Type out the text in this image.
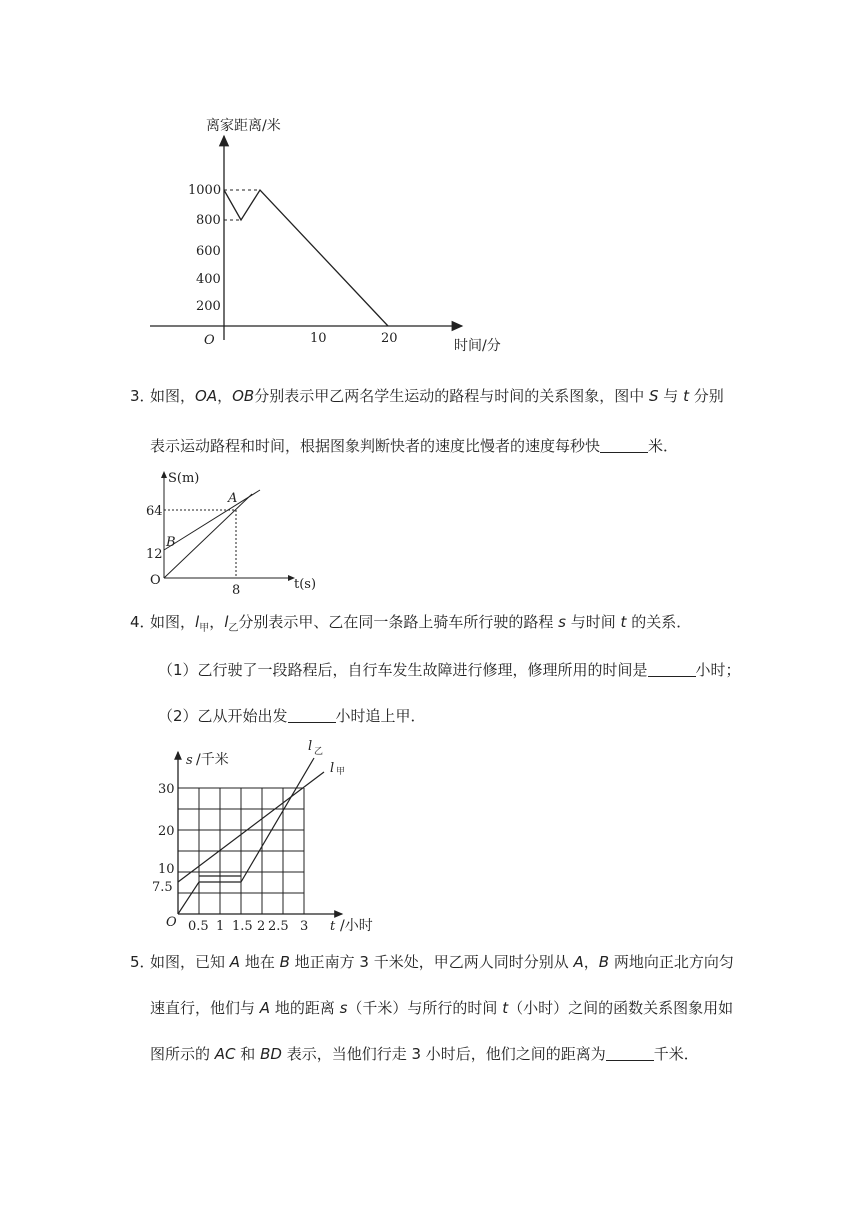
离家距离/米
时间/分
O
1000
800
600
400
200
10	20
3．如图，OA，OB分别表示甲乙两名学生运动的路程与时间的关系图象，图中 S 与 t 分别
表示运动路程和时间，根据图象判断快者的速度比慢者的速度每秒快	米．
S(m)
t(s)
O
64
12
8
A
B
4．如图，$l_甲$，$l_乙$分别表示甲、乙在同一条路上骑车所行驶的路程 s 与时间 t 的关系．
（1）乙行驶了一段路程后，自行车发生故障进行修理，修理所用的时间是	小时；
（2）乙从开始出发	小时追上甲．
s /千米
t /小时
O
30
20
10
7.5
0.5 1 1.5 2 2.5 3
l 乙
l 甲
5．如图，已知 A 地在 B 地正南方 3 千米处，甲乙两人同时分别从 A，B 两地向正北方向匀
速直行，他们与 A 地的距离 s（千米）与所行的时间 t（小时）之间的函数关系图象用如
图所示的 AC 和 BD 表示，当他们行走 3 小时后，他们之间的距离为	千米．
